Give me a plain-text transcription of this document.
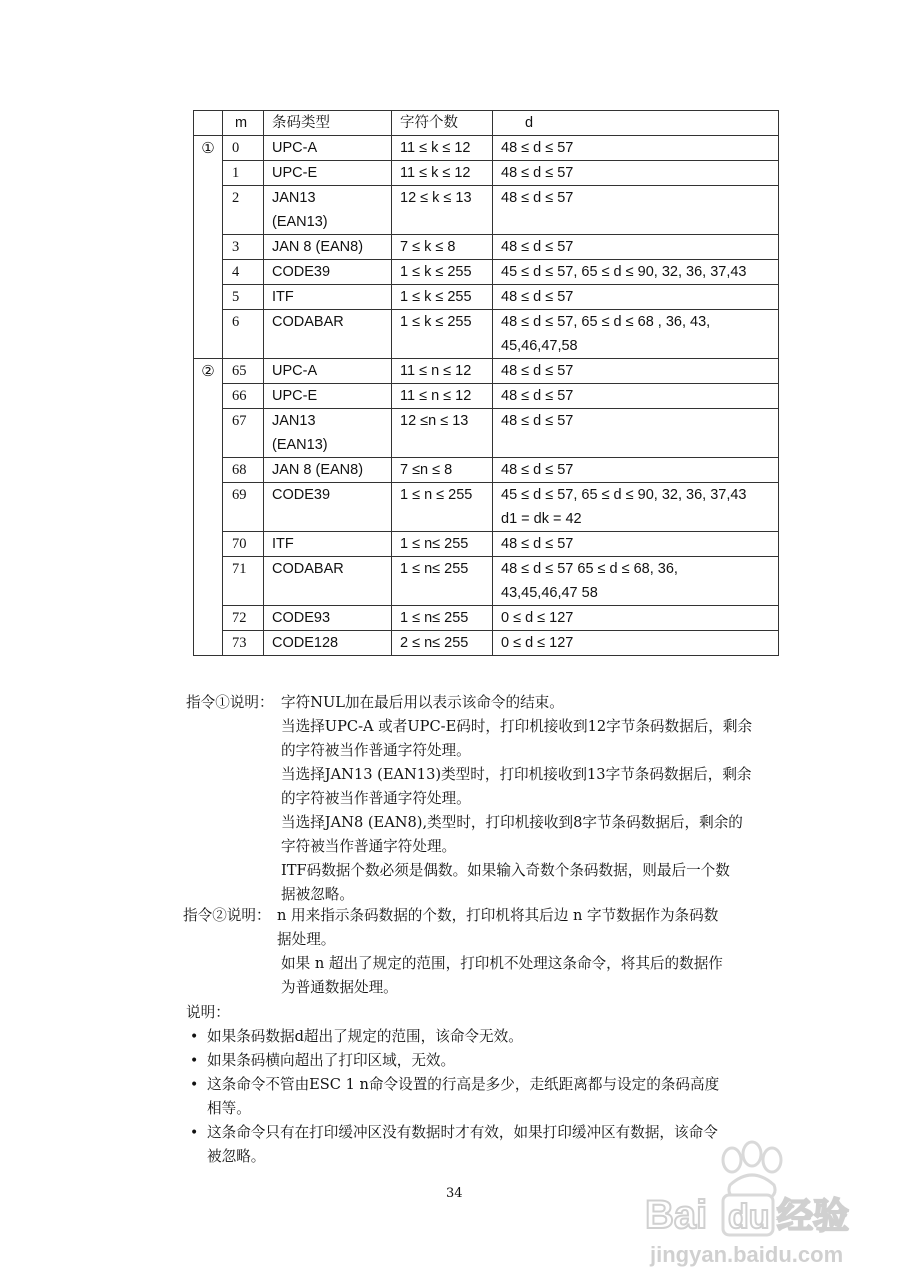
	m	条码类型	字符个数	d
①	0	UPC-A	11 ≤ k ≤ 12	48 ≤ d ≤ 57

	1	UPC-E	11 ≤ k ≤ 12	48 ≤ d ≤ 57

	2	JAN13
(EAN13)	12 ≤ k ≤ 13	48 ≤ d ≤ 57

	3	JAN 8 (EAN8)	7 ≤ k ≤ 8	48 ≤ d ≤ 57

	4	CODE39	1 ≤ k ≤ 255	45 ≤ d ≤ 57, 65 ≤ d ≤ 90, 32, 36, 37,43

	5	ITF	1 ≤ k ≤ 255	48 ≤ d ≤ 57

	6	CODABAR	1 ≤ k ≤ 255	48 ≤ d ≤ 57, 65 ≤ d ≤ 68 , 36, 43,
45,46,47,58

②	65	UPC-A	11 ≤ n ≤ 12	48 ≤ d ≤ 57

	66	UPC-E	11 ≤ n ≤ 12	48 ≤ d ≤ 57

	67	JAN13
(EAN13)	12 ≤n ≤ 13	48 ≤ d ≤ 57

	68	JAN 8 (EAN8)	7 ≤n ≤ 8	48 ≤ d ≤ 57

	69	CODE39	1 ≤ n ≤ 255	45 ≤ d ≤ 57, 65 ≤ d ≤ 90, 32, 36, 37,43
d1 = dk = 42

	70	ITF	1 ≤ n≤ 255	48 ≤ d ≤ 57

	71	CODABAR	1 ≤ n≤ 255	48 ≤ d ≤ 57 65 ≤ d ≤ 68, 36,
43,45,46,47 58

	72	CODE93	1 ≤ n≤ 255	0 ≤ d ≤ 127

	73	CODE128	2 ≤ n≤ 255	0 ≤ d ≤ 127
指令①说明： 字符NUL加在最后用以表示该命令的结束。
当选择UPC-A 或者UPC-E码时，打印机接收到12字节条码数据后，剩余
的字符被当作普通字符处理。
当选择JAN13 (EAN13)类型时，打印机接收到13字节条码数据后，剩余
的字符被当作普通字符处理。
当选择JAN8 (EAN8),类型时，打印机接收到8字节条码数据后，剩余的
字符被当作普通字符处理。
ITF码数据个数必须是偶数。如果输入奇数个条码数据，则最后一个数
据被忽略。
指令②说明： n 用来指示条码数据的个数，打印机将其后边 n 字节数据作为条码数
据处理。
如果 n 超出了规定的范围，打印机不处理这条命令，将其后的数据作
为普通数据处理。
说明：
• 如果条码数据d超出了规定的范围，该命令无效。
• 如果条码横向超出了打印区域，无效。
• 这条命令不管由ESC 1 n命令设置的行高是多少，走纸距离都与设定的条码高度
相等。
• 这条命令只有在打印缓冲区没有数据时才有效，如果打印缓冲区有数据，该命令
被忽略。
34	Bai du 经验
jingyan.baidu.com
